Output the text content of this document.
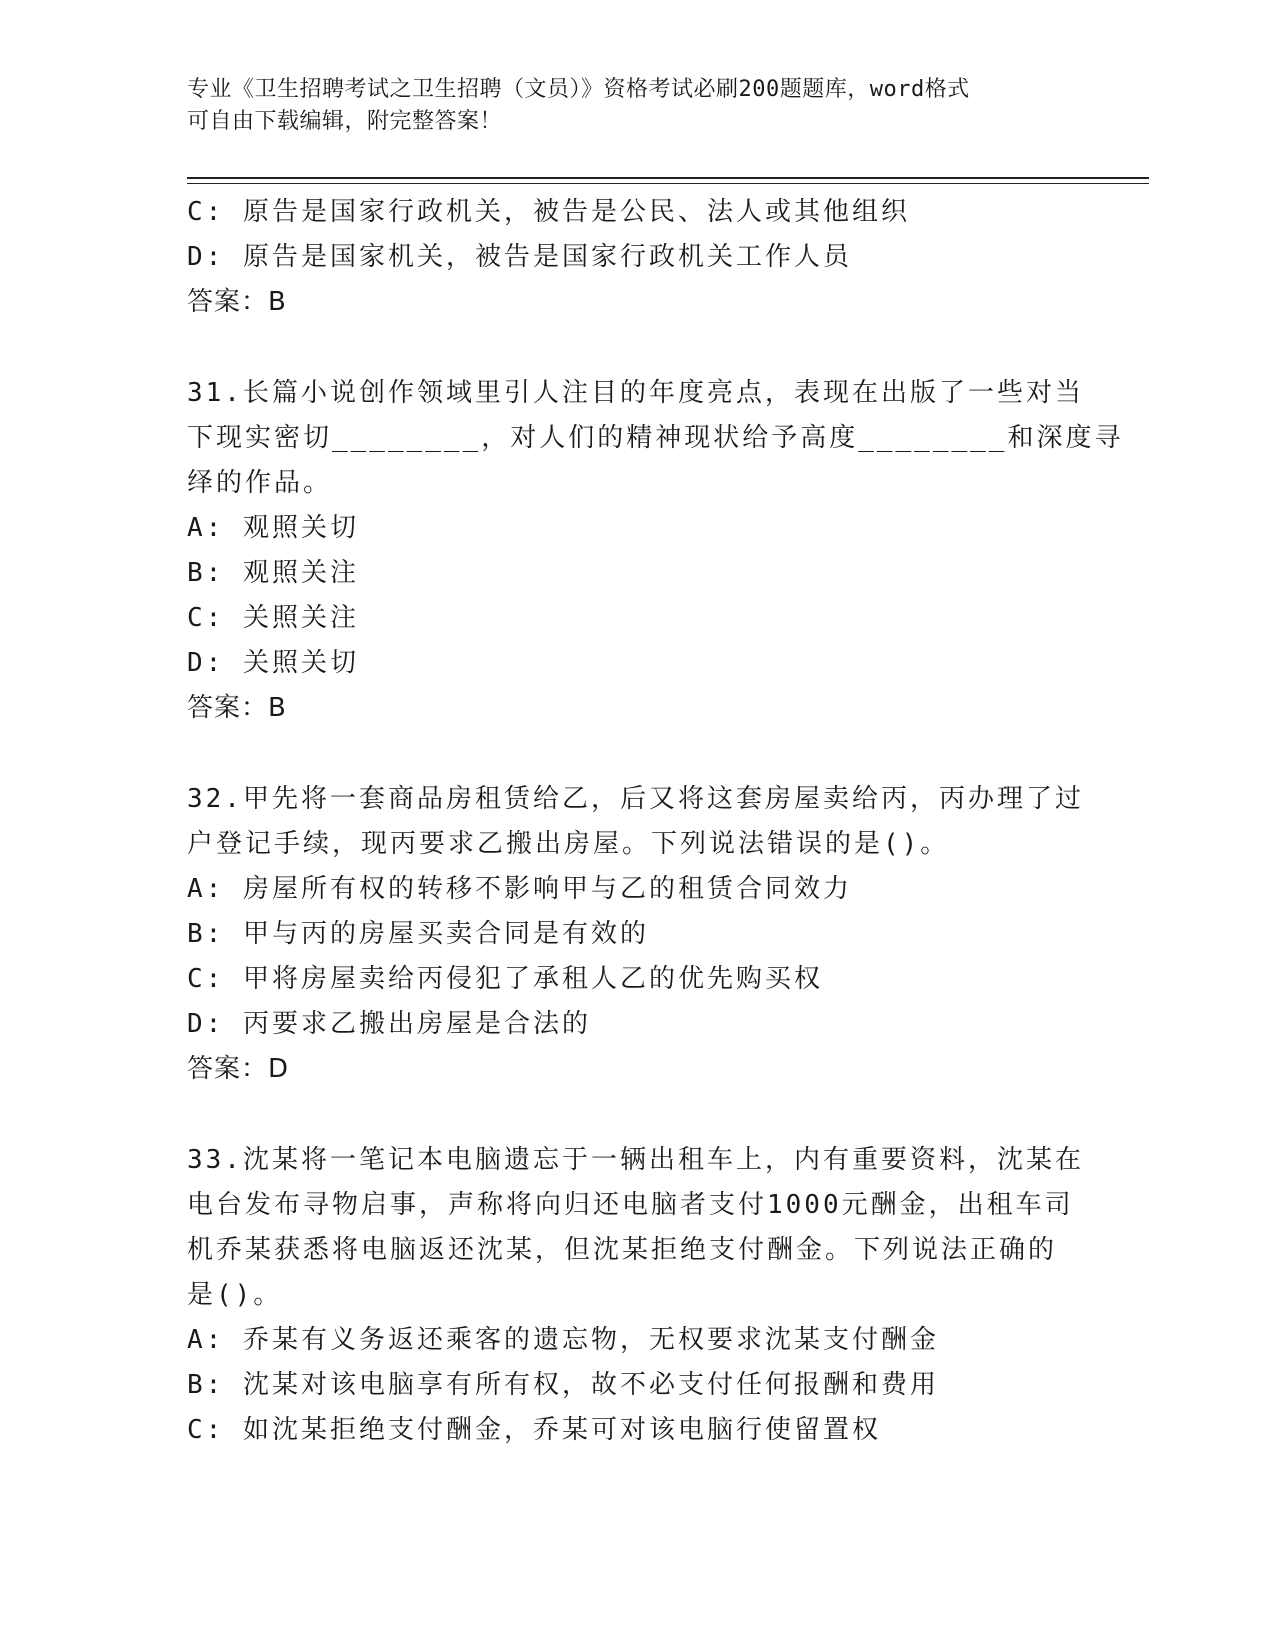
专业《卫生招聘考试之卫生招聘（文员）》资格考试必刷200题题库，word格式
可自由下载编辑，附完整答案！
C: 原告是国家行政机关，被告是公民、法人或其他组织
D: 原告是国家机关，被告是国家行政机关工作人员
答案：B
31.长篇小说创作领域里引人注目的年度亮点，表现在出版了一些对当
下现实密切________，对人们的精神现状给予高度________和深度寻
绎的作品。
A: 观照关切
B: 观照关注
C: 关照关注
D: 关照关切
答案：B
32.甲先将一套商品房租赁给乙，后又将这套房屋卖给丙，丙办理了过
户登记手续，现丙要求乙搬出房屋。下列说法错误的是()。
A: 房屋所有权的转移不影响甲与乙的租赁合同效力
B: 甲与丙的房屋买卖合同是有效的
C: 甲将房屋卖给丙侵犯了承租人乙的优先购买权
D: 丙要求乙搬出房屋是合法的
答案：D
33.沈某将一笔记本电脑遗忘于一辆出租车上，内有重要资料，沈某在
电台发布寻物启事，声称将向归还电脑者支付1000元酬金，出租车司
机乔某获悉将电脑返还沈某，但沈某拒绝支付酬金。下列说法正确的
是()。
A: 乔某有义务返还乘客的遗忘物，无权要求沈某支付酬金
B: 沈某对该电脑享有所有权，故不必支付任何报酬和费用
C: 如沈某拒绝支付酬金，乔某可对该电脑行使留置权
